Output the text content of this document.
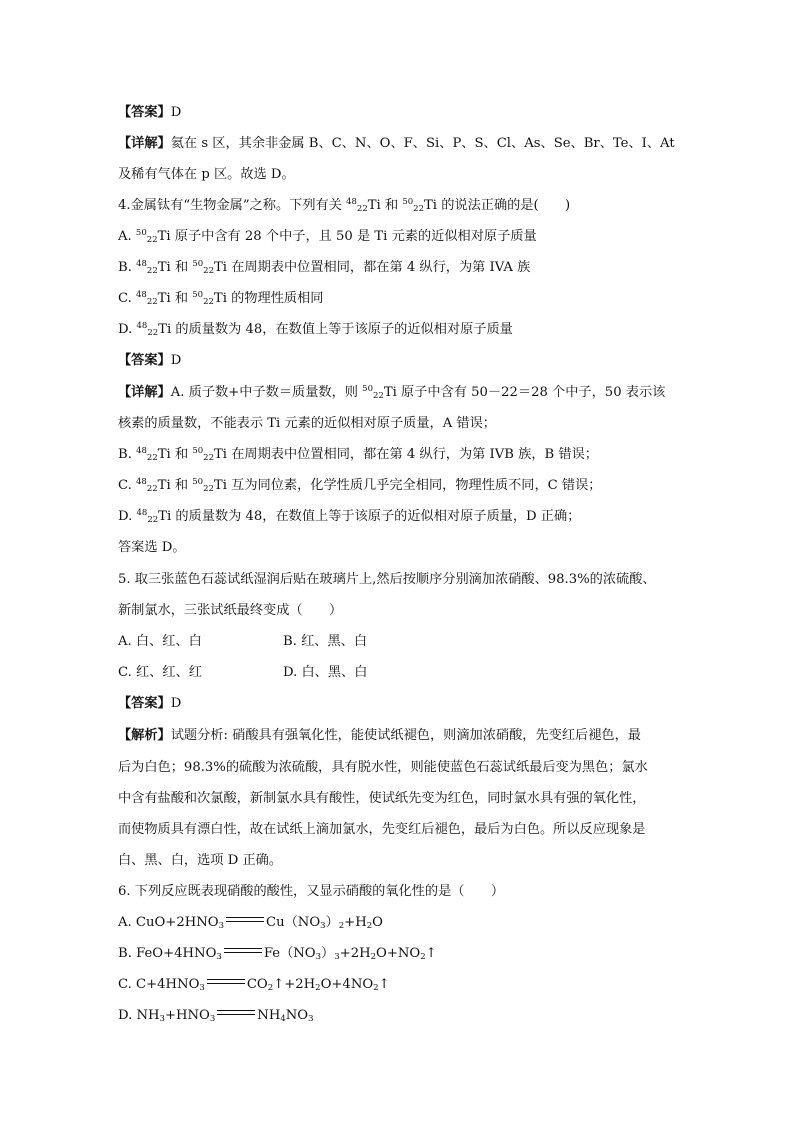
【答案】D
【详解】氦在 s 区，其余非金属 B、C、N、O、F、Si、P、S、Cl、As、Se、Br、Te、I、At
及稀有气体在 p 区。故选 D。
4.金属钛有“生物金属”之称。下列有关 $^{48}_{22}$Ti 和 $^{50}_{22}$Ti 的说法正确的是(　　)
A. $^{50}_{22}$Ti 原子中含有 28 个中子，且 50 是 Ti 元素的近似相对原子质量
B. $^{48}_{22}$Ti 和 $^{50}_{22}$Ti 在周期表中位置相同，都在第 4 纵行，为第 IVA 族
C. $^{48}_{22}$Ti 和 $^{50}_{22}$Ti 的物理性质相同
D. $^{48}_{22}$Ti 的质量数为 48，在数值上等于该原子的近似相对原子质量
【答案】D
【详解】A. 质子数+中子数＝质量数，则 $^{50}_{22}$Ti 原子中含有 50－22＝28 个中子，50 表示该
核素的质量数，不能表示 Ti 元素的近似相对原子质量，A 错误；
B. $^{48}_{22}$Ti 和 $^{50}_{22}$Ti 在周期表中位置相同，都在第 4 纵行，为第 IVB 族，B 错误；
C. $^{48}_{22}$Ti 和 $^{50}_{22}$Ti 互为同位素，化学性质几乎完全相同，物理性质不同，C 错误；
D. $^{48}_{22}$Ti 的质量数为 48，在数值上等于该原子的近似相对原子质量，D 正确；
答案选 D。
5. 取三张蓝色石蕊试纸湿润后贴在玻璃片上,然后按顺序分别滴加浓硝酸、98.3%的浓硫酸、
新制氯水，三张试纸最终变成（　　）
A. 白、红、白	B. 红、黑、白
C. 红、红、红	D. 白、黑、白
【答案】D
【解析】试题分析: 硝酸具有强氧化性，能使试纸褪色，则滴加浓硝酸，先变红后褪色，最
后为白色；98.3%的硫酸为浓硫酸，具有脱水性，则能使蓝色石蕊试纸最后变为黑色；氯水
中含有盐酸和次氯酸，新制氯水具有酸性，使试纸先变为红色，同时氯水具有强的氧化性，
而使物质具有漂白性，故在试纸上滴加氯水，先变红后褪色，最后为白色。所以反应现象是
白、黑、白，选项 D 正确。
6. 下列反应既表现硝酸的酸性，又显示硝酸的氧化性的是（　　）
A. $CuO+2HNO_3$	$Cu(NO_3)_2+H_2O$
B. $FeO+4HNO_3$	$Fe(NO_3)_3+2H_2O+NO_2↑$
C. $C+4HNO_3$	$CO_2↑+2H_2O+4NO_2↑$
D. $NH_3+HNO_3$	$NH_4NO_3$
